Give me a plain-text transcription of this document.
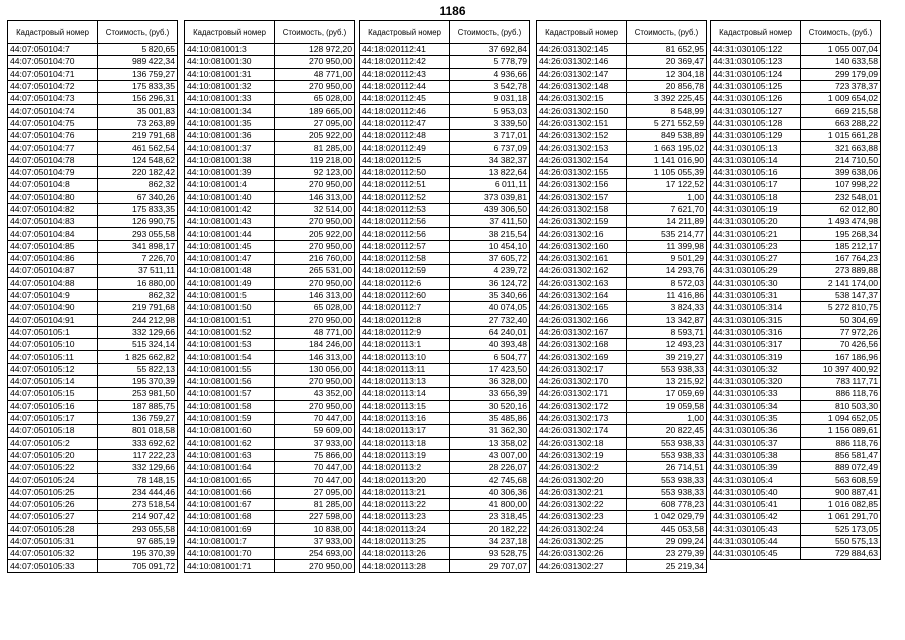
1186
Кадастровый номер	Стоимость, (руб.)
44:07:050104:7	5 820,65
44:07:050104:70	989 422,34
44:07:050104:71	136 759,27
44:07:050104:72	175 833,35
44:07:050104:73	156 296,31
44:07:050104:74	35 001,83
44:07:050104:75	73 263,89
44:07:050104:76	219 791,68
44:07:050104:77	461 562,54
44:07:050104:78	124 548,62
44:07:050104:79	220 182,42
44:07:050104:8	862,32
44:07:050104:80	67 340,26
44:07:050104:82	175 833,35
44:07:050104:83	126 990,75
44:07:050104:84	293 055,58
44:07:050104:85	341 898,17
44:07:050104:86	7 226,70
44:07:050104:87	37 511,11
44:07:050104:88	16 880,00
44:07:050104:9	862,32
44:07:050104:90	219 791,68
44:07:050104:91	244 212,98
44:07:050105:1	332 129,66
44:07:050105:10	515 324,14
44:07:050105:11	1 825 662,82
44:07:050105:12	55 822,13
44:07:050105:14	195 370,39
44:07:050105:15	253 981,50
44:07:050105:16	187 885,75
44:07:050105:17	136 759,27
44:07:050105:18	801 018,58
44:07:050105:2	333 692,62
44:07:050105:20	117 222,23
44:07:050105:22	332 129,66
44:07:050105:24	78 148,15
44:07:050105:25	234 444,46
44:07:050105:26	273 518,54
44:07:050105:27	214 907,42
44:07:050105:28	293 055,58
44:07:050105:31	97 685,19
44:07:050105:32	195 370,39
44:07:050105:33	705 091,72
Кадастровый номер	Стоимость, (руб.)
44:10:081001:3	128 972,20
44:10:081001:30	270 950,00
44:10:081001:31	48 771,00
44:10:081001:32	270 950,00
44:10:081001:33	65 028,00
44:10:081001:34	189 665,00
44:10:081001:35	27 095,00
44:10:081001:36	205 922,00
44:10:081001:37	81 285,00
44:10:081001:38	119 218,00
44:10:081001:39	92 123,00
44:10:081001:4	270 950,00
44:10:081001:40	146 313,00
44:10:081001:42	32 514,00
44:10:081001:43	270 950,00
44:10:081001:44	205 922,00
44:10:081001:45	270 950,00
44:10:081001:47	216 760,00
44:10:081001:48	265 531,00
44:10:081001:49	270 950,00
44:10:081001:5	146 313,00
44:10:081001:50	65 028,00
44:10:081001:51	270 950,00
44:10:081001:52	48 771,00
44:10:081001:53	184 246,00
44:10:081001:54	146 313,00
44:10:081001:55	130 056,00
44:10:081001:56	270 950,00
44:10:081001:57	43 352,00
44:10:081001:58	270 950,00
44:10:081001:59	70 447,00
44:10:081001:60	59 609,00
44:10:081001:62	37 933,00
44:10:081001:63	75 866,00
44:10:081001:64	70 447,00
44:10:081001:65	70 447,00
44:10:081001:66	27 095,00
44:10:081001:67	81 285,00
44:10:081001:68	227 598,00
44:10:081001:69	10 838,00
44:10:081001:7	37 933,00
44:10:081001:70	254 693,00
44:10:081001:71	270 950,00
Кадастровый номер	Стоимость, (руб.)
44:18:020112:41	37 692,84
44:18:020112:42	5 778,79
44:18:020112:43	4 936,66
44:18:020112:44	3 542,78
44:18:020112:45	9 031,18
44:18:020112:46	5 953,03
44:18:020112:47	3 339,50
44:18:020112:48	3 717,01
44:18:020112:49	6 737,09
44:18:020112:5	34 382,37
44:18:020112:50	13 822,64
44:18:020112:51	6 011,11
44:18:020112:52	373 039,81
44:18:020112:53	439 306,50
44:18:020112:56	37 411,50
44:18:020112:56	38 215,54
44:18:020112:57	10 454,10
44:18:020112:58	37 605,72
44:18:020112:59	4 239,72
44:18:020112:6	36 124,72
44:18:020112:60	35 340,66
44:18:020112:7	40 074,05
44:18:020112:8	27 732,40
44:18:020112:9	64 240,01
44:18:020113:1	40 393,48
44:18:020113:10	6 504,77
44:18:020113:11	17 423,50
44:18:020113:13	36 328,00
44:18:020113:14	33 656,39
44:18:020113:15	30 520,16
44:18:020113:16	35 485,86
44:18:020113:17	31 362,30
44:18:020113:18	13 358,02
44:18:020113:19	43 007,00
44:18:020113:2	28 226,07
44:18:020113:20	42 745,68
44:18:020113:21	40 306,36
44:18:020113:22	41 800,00
44:18:020113:23	23 318,45
44:18:020113:24	20 182,22
44:18:020113:25	34 237,18
44:18:020113:26	93 528,75
44:18:020113:28	29 707,07
Кадастровый номер	Стоимость, (руб.)
44:26:031302:145	81 652,95
44:26:031302:146	20 369,47
44:26:031302:147	12 304,18
44:26:031302:148	20 856,78
44:26:031302:15	3 392 225,45
44:26:031302:150	8 548,99
44:26:031302:151	5 271 552,59
44:26:031302:152	849 538,89
44:26:031302:153	1 663 195,02
44:26:031302:154	1 141 016,90
44:26:031302:155	1 105 055,39
44:26:031302:156	17 122,52
44:26:031302:157	1,00
44:26:031302:158	7 621,70
44:26:031302:159	14 211,89
44:26:031302:16	535 214,77
44:26:031302:160	11 399,98
44:26:031302:161	9 501,29
44:26:031302:162	14 293,76
44:26:031302:163	8 572,03
44:26:031302:164	11 416,86
44:26:031302:165	3 824,33
44:26:031302:166	13 342,87
44:26:031302:167	8 593,71
44:26:031302:168	12 493,23
44:26:031302:169	39 219,27
44:26:031302:17	553 938,33
44:26:031302:170	13 215,92
44:26:031302:171	17 059,69
44:26:031302:172	19 059,58
44:26:031302:173	1,00
44:26:031302:174	20 822,45
44:26:031302:18	553 938,33
44:26:031302:19	553 938,33
44:26:031302:2	26 714,51
44:26:031302:20	553 938,33
44:26:031302:21	553 938,33
44:26:031302:22	608 778,23
44:26:031302:23	1 042 029,79
44:26:031302:24	445 053,58
44:26:031302:25	29 099,24
44:26:031302:26	23 279,39
44:26:031302:27	25 219,34
Кадастровый номер	Стоимость, (руб.)
44:31:030105:122	1 055 007,04
44:31:030105:123	140 633,58
44:31:030105:124	299 179,09
44:31:030105:125	723 378,37
44:31:030105:126	1 009 654,02
44:31:030105:127	669 215,58
44:31:030105:128	663 288,22
44:31:030105:129	1 015 661,28
44:31:030105:13	321 663,88
44:31:030105:14	214 710,50
44:31:030105:16	399 638,06
44:31:030105:17	107 998,22
44:31:030105:18	232 548,01
44:31:030105:19	62 012,80
44:31:030105:20	1 493 474,98
44:31:030105:21	195 268,34
44:31:030105:23	185 212,17
44:31:030105:27	167 764,23
44:31:030105:29	273 889,88
44:31:030105:30	2 141 174,00
44:31:030105:31	538 147,37
44:31:030105:314	5 272 810,75
44:31:030105:315	50 304,69
44:31:030105:316	77 972,26
44:31:030105:317	70 426,56
44:31:030105:319	167 186,96
44:31:030105:32	10 397 400,92
44:31:030105:320	783 117,71
44:31:030105:33	886 118,76
44:31:030105:34	810 503,30
44:31:030105:35	1 094 652,05
44:31:030105:36	1 156 089,61
44:31:030105:37	886 118,76
44:31:030105:38	856 581,47
44:31:030105:39	889 072,49
44:31:030105:4	563 608,59
44:31:030105:40	900 887,41
44:31:030105:41	1 016 082,85
44:31:030105:42	1 061 291,70
44:31:030105:43	525 173,05
44:31:030105:44	550 575,13
44:31:030105:45	729 884,63
